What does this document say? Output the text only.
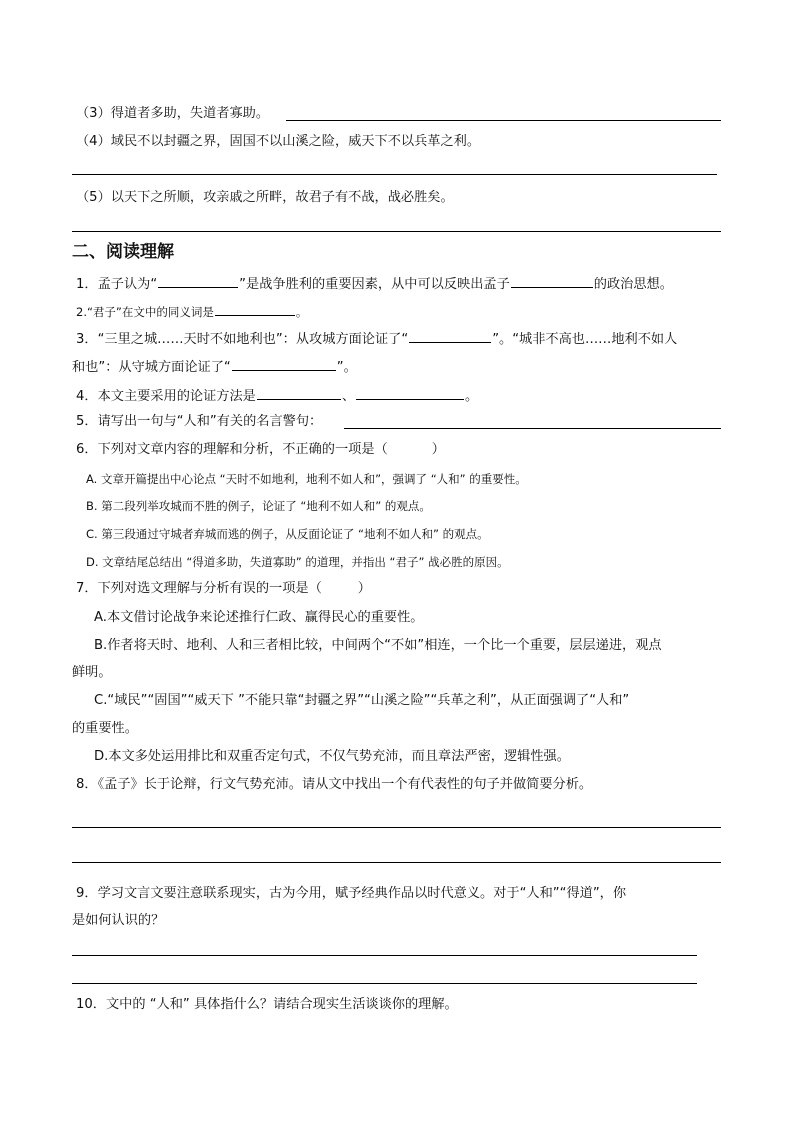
（3）得道者多助，失道者寡助。
（4）域民不以封疆之界，固国不以山溪之险，威天下不以兵革之利。
（5）以天下之所顺，攻亲戚之所畔，故君子有不战，战必胜矣。
二、阅读理解
1．孟子认为“	”是战争胜利的重要因素，从中可以反映出孟子	的政治思想。
2.“君子”在文中的同义词是	。
3．“三里之城……天时不如地利也”：从攻城方面论证了“	”。“城非不高也……地利不如人
和也”：从守城方面论证了“	”。
4．本文主要采用的论证方法是	、	。
5．请写出一句与“人和”有关的名言警句：
6．下列对文章内容的理解和分析，不正确的一项是（	）
A. 文章开篇提出中心论点 “天时不如地利，地利不如人和”，强调了 “人和” 的重要性。
B. 第二段列举攻城而不胜的例子，论证了 “地利不如人和” 的观点。
C. 第三段通过守城者弃城而逃的例子，从反面论证了 “地利不如人和” 的观点。
D. 文章结尾总结出 “得道多助，失道寡助” 的道理，并指出 “君子” 战必胜的原因。
7．下列对选文理解与分析有误的一项是（	）
A.本文借讨论战争来论述推行仁政、赢得民心的重要性。
B.作者将天时、地利、人和三者相比较，中间两个“不如”相连，一个比一个重要，层层递进，观点
鲜明。
C.“域民”“固国”“威天下 ”不能只靠“封疆之界”“山溪之险”“兵革之利”，从正面强调了“人和”
的重要性。
D.本文多处运用排比和双重否定句式，不仅气势充沛，而且章法严密，逻辑性强。
8．《孟子》长于论辩，行文气势充沛。请从文中找出一个有代表性的句子并做简要分析。
9．学习文言文要注意联系现实，古为今用，赋予经典作品以时代意义。对于“人和”“得道”，你
是如何认识的？
10．文中的 “人和” 具体指什么？请结合现实生活谈谈你的理解。
